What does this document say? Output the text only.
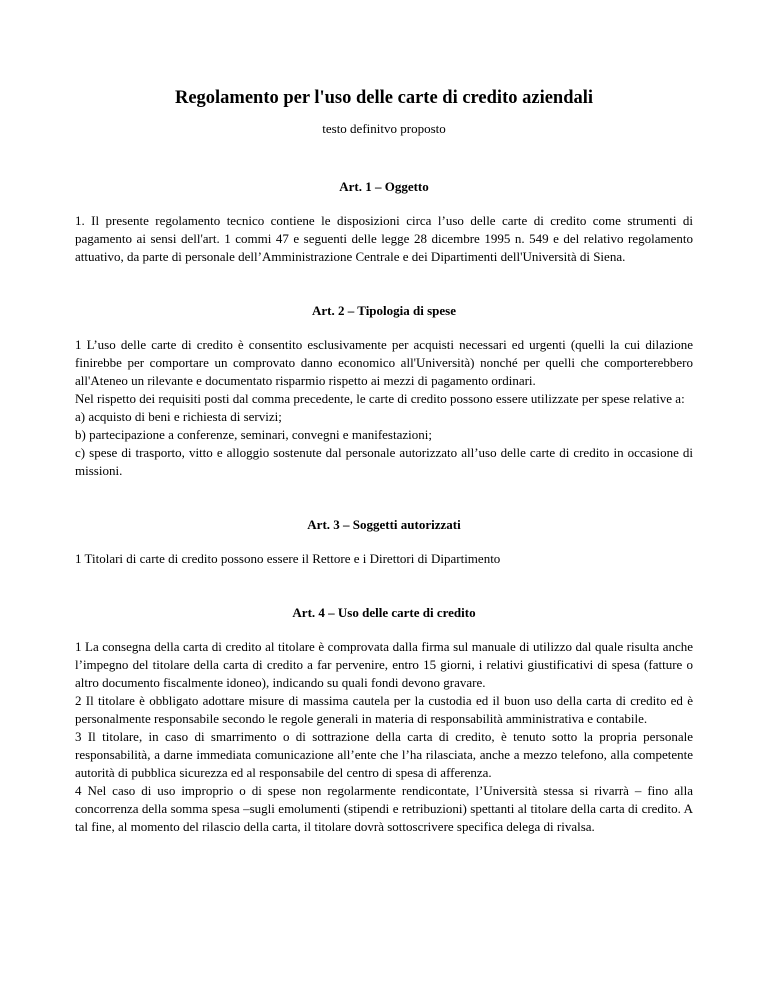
Regolamento per l'uso delle carte di credito aziendali

testo definitvo proposto

Art. 1 – Oggetto

1. Il presente regolamento tecnico contiene le disposizioni circa l’uso delle carte di credito come strumenti di pagamento ai sensi dell'art. 1 commi 47 e seguenti delle legge 28 dicembre 1995 n. 549 e del relativo regolamento attuativo, da parte di personale dell’Amministrazione Centrale e dei Dipartimenti dell'Università di Siena.

Art. 2 – Tipologia di spese

1 L’uso delle carte di credito è consentito esclusivamente per acquisti necessari ed urgenti (quelli la cui dilazione finirebbe per comportare un comprovato danno economico all'Università) nonché per quelli che comporterebbero all'Ateneo un rilevante e documentato risparmio rispetto ai mezzi di pagamento ordinari.

Nel rispetto dei requisiti posti dal comma precedente, le carte di credito possono essere utilizzate per spese relative a:

a) acquisto di beni e richiesta di servizi;

b) partecipazione a conferenze, seminari, convegni e manifestazioni;

c) spese di trasporto, vitto e alloggio sostenute dal personale autorizzato all’uso delle carte di credito in occasione di missioni.

Art. 3 – Soggetti autorizzati

1 Titolari di carte di credito possono essere il Rettore e i Direttori di Dipartimento

Art. 4 – Uso delle carte di credito

1 La consegna della carta di credito al titolare è comprovata dalla firma sul manuale di utilizzo dal quale risulta anche l’impegno del titolare della carta di credito a far pervenire, entro 15 giorni, i relativi giustificativi di spesa (fatture o altro documento fiscalmente idoneo), indicando su quali fondi devono gravare.

2 Il titolare è obbligato adottare misure di massima cautela per la custodia ed il buon uso della carta di credito ed è personalmente responsabile secondo le regole generali in materia di responsabilità amministrativa e contabile.

3 Il titolare, in caso di smarrimento o di sottrazione della carta di credito, è tenuto sotto la propria personale responsabilità, a darne immediata comunicazione all’ente che l’ha rilasciata, anche a mezzo telefono, alla competente autorità di pubblica sicurezza ed al responsabile del centro di spesa di afferenza.

4 Nel caso di uso improprio o di spese non regolarmente rendicontate, l’Università stessa si rivarrà – fino alla concorrenza della somma spesa –sugli emolumenti (stipendi e retribuzioni) spettanti al titolare della carta di credito. A tal fine, al momento del rilascio della carta, il titolare dovrà sottoscrivere specifica delega di rivalsa.
